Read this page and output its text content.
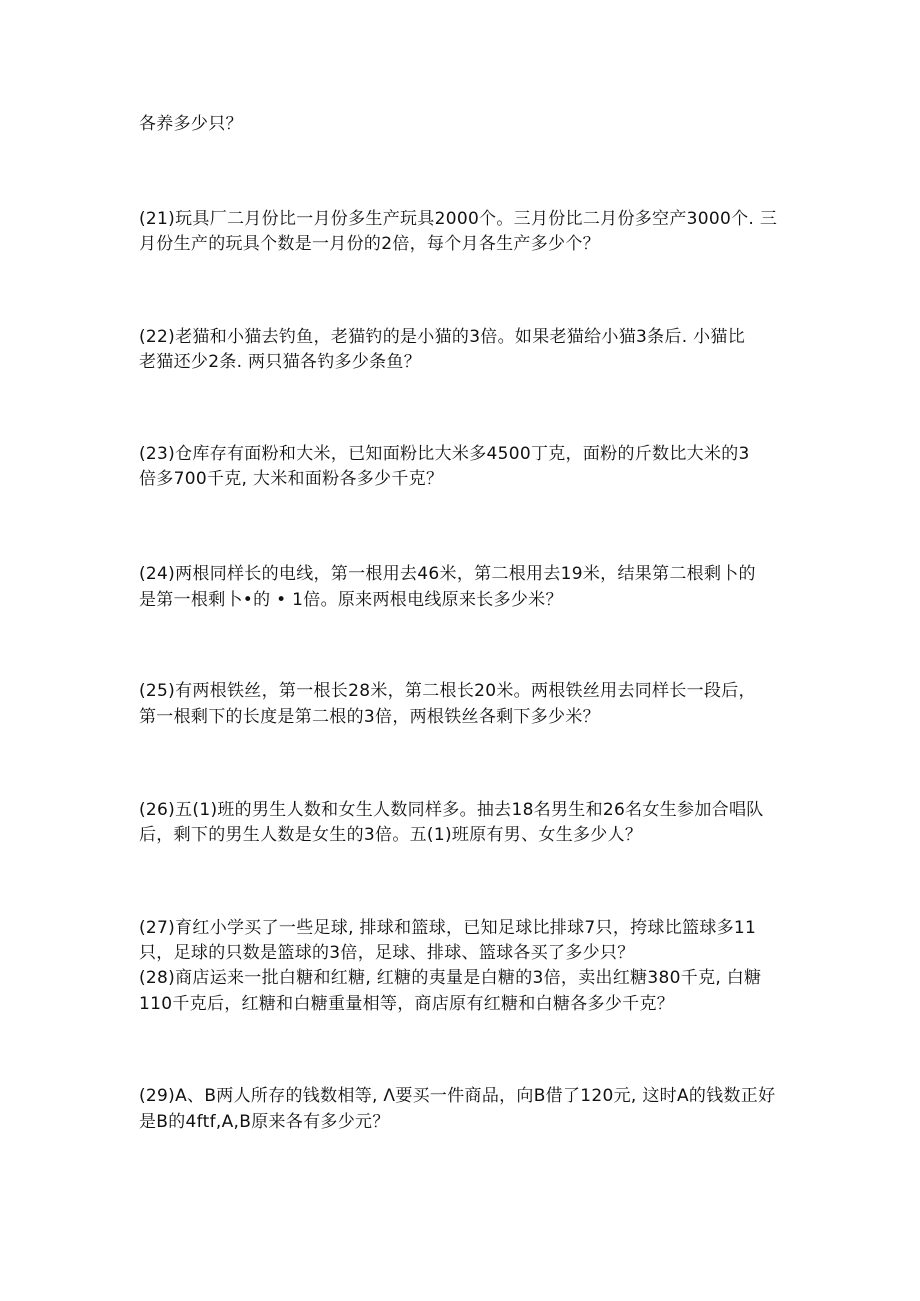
各养多少只？
(21)玩具厂二月份比一月份多生产玩具2000个。三月份比二月份多空产3000个. 三
月份生产的玩具个数是一月份的2倍，每个月各生产多少个？
(22)老猫和小猫去钓鱼，老猫钓的是小猫的3倍。如果老猫给小猫3条后. 小猫比
老猫还少2条. 两只猫各钓多少条鱼？
(23)仓库存有面粉和大米，已知面粉比大米多4500丁克，面粉的斤数比大米的3
倍多700千克, 大米和面粉各多少千克？
(24)两根同样长的电线，第一根用去46米，第二根用去19米，结果第二根剩卜的
是第一根剩卜•的 • 1倍。原来两根电线原来长多少米？
(25)有两根铁丝，第一根长28米，第二根长20米。两根铁丝用去同样长一段后，
第一根剩下的长度是第二根的3倍，两根铁丝各剩下多少米？
(26)五(1)班的男生人数和女生人数同样多。抽去18名男生和26名女生参加合唱队
后，剩下的男生人数是女生的3倍。五(1)班原有男、女生多少人？
(27)育红小学买了一些足球, 排球和篮球，已知足球比排球7只，挎球比篮球多11
只，足球的只数是篮球的3倍，足球、排球、篮球各买了多少只？
(28)商店运来一批白糖和红糖, 红糖的夷量是白糖的3倍，卖出红糖380千克, 白糖
110千克后，红糖和白糖重量相等，商店原有红糖和白糖各多少千克？
(29)A、B两人所存的钱数相等, Λ要买一件商品，向B借了120元, 这时A的钱数正好
是B的4ftf,A,B原来各有多少元？
